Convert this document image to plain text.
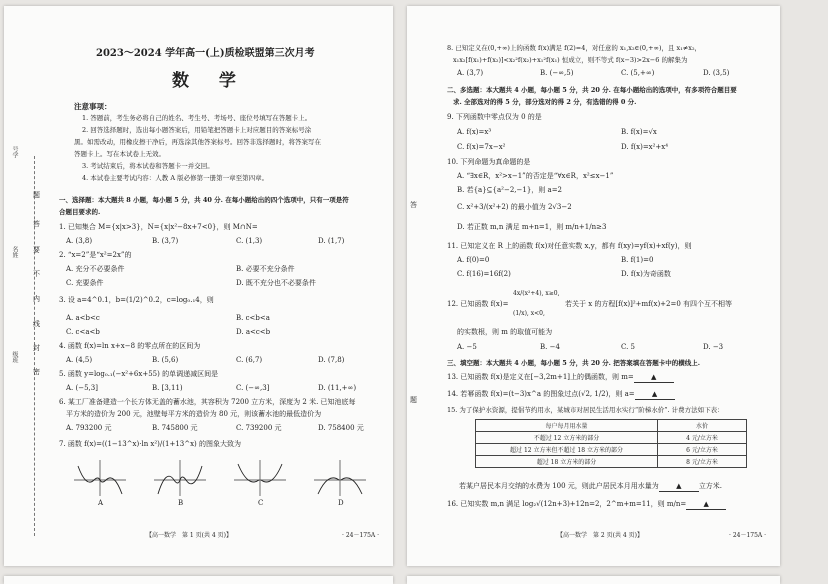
号学
名姓
级班
题
答
要
不
内
线
封
密
2023～2024 学年高一(上)质检联盟第三次月考
数 学
注意事项：
1. 答题前，考生务必将自己的姓名、考生号、考场号、座位号填写在答题卡上。
2. 回答选择题时，选出每小题答案后，用铅笔把答题卡上对应题目的答案标号涂
黑。如需改动，用橡皮擦干净后，再选涂其他答案标号。回答非选择题时，将答案写在
答题卡上。写在本试卷上无效。
3. 考试结束后，将本试卷和答题卡一并交回。
4. 本试卷主要考试内容：人教 A 版必修第一册第一章至第四章。
一、选择题：本大题共 8 小题，每小题 5 分，共 40 分. 在每小题给出的四个选项中，只有一项是符
合题目要求的.
1. 已知集合 M={x|x>3}，N={x|x²−8x+7<0}，则 M∩N=
A. (3,8)	B. (3,7)	C. (1,3)	D. (1,7)
2. “x=2”是“x²=2x”的
A. 充分不必要条件	B. 必要不充分条件
C. 充要条件	D. 既不充分也不必要条件
3. 设 a=4^0.1，b=(1/2)^0.2，c=log₀.₁4，则
A. a<b<c	B. c<b<a
C. c<a<b	D. a<c<b
4. 函数 f(x)=ln x+x−8 的零点所在的区间为
A. (4,5)	B. (5,6)	C. (6,7)	D. (7,8)
5. 函数 y=log₀.₁(−x²+6x+55) 的单调递减区间是
A. (−5,3]	B. [3,11)	C. (−∞,3]	D. (11,+∞)
6. 某工厂准备建造一个长方体无盖的蓄水池，其容积为 7200 立方米，深度为 2 米. 已知池底每
平方米的造价为 200 元，池壁每平方米的造价为 80 元，则该蓄水池的最低造价为
A. 793200 元	B. 745800 元	C. 739200 元	D. 758400 元
7. 函数 f(x)=((1−13^x)·ln x²)/(1+13^x) 的图象大致为
A	B	C	D
【高一数学　第 1 页(共 4 页)】	· 24－175A ·
答
题
8. 已知定义在(0,+∞)上的函数 f(x)满足 f(2)=4，对任意的 x₁,x₂∈(0,+∞)，且 x₁≠x₂，
x₁x₂[f(x₁)+f(x₂)]<x₂²f(x₂)+x₁²f(x₁) 恒成立，则不等式 f(x−3)>2x−6 的解集为
A. (3,7)	B. (−∞,5)	C. (5,+∞)	D. (3,5)
二、多选题：本大题共 4 小题，每小题 5 分，共 20 分. 在每小题给出的选项中，有多项符合题目要
求. 全部选对的得 5 分，部分选对的得 2 分，有选错的得 0 分.
9. 下列函数中零点仅为 0 的是
A. f(x)=x³	B. f(x)=√x
C. f(x)=7x−x²	D. f(x)=x²+x⁴
10. 下列命题为真命题的是
A. “∃x∈R，x²>x−1”的否定是“∀x∈R，x²≤x−1”
B. 若{a}⊆{a²−2,−1}，则 a=2
C. x²+3/(x²+2) 的最小值为 2√3−2
D. 若正数 m,n 满足 m+n=1，则 m/n+1/n≥3
11. 已知定义在 R 上的函数 f(x)对任意实数 x,y，都有 f(xy)=yf(x)+xf(y)，则
A. f(0)=0	B. f(1)=0
C. f(16)=16f(2)	D. f(x)为奇函数
12. 已知函数 f(x)=
4x/(x²+4), x≥0,
(1/x), x<0,
若关于 x 的方程[f(x)]²+mf(x)+2=0 有四个互不相等
的实数根，则 m 的取值可能为
A. −5	B. −4	C. 5	D. −3
三、填空题：本大题共 4 小题，每小题 5 分，共 20 分. 把答案填在答题卡中的横线上.
13. 已知函数 f(x)是定义在[−3,2m+1]上的偶函数，则 m= ▲
14. 若幂函数 f(x)=(t−3)x^a 的图象过点(√2, 1/2)，则 a= ▲
15. 为了保护水资源，提倡节约用水，某城市对居民生活用水实行“阶梯水价”. 计费方法如下表：
每户每月用水量	水价
不超过 12 立方米的部分	4 元/立方米
超过 12 立方米但不超过 18 立方米的部分	6 元/立方米
超过 18 立方米的部分	8 元/立方米
若某户居民本月交纳的水费为 100 元，则此户居民本月用水量为 ▲ 立方米.
16. 已知实数 m,n 满足 log₂√(12n+3)+12n=2，2^m+m=11，则 m/n= ▲
【高一数学　第 2 页(共 4 页)】	· 24－175A ·
